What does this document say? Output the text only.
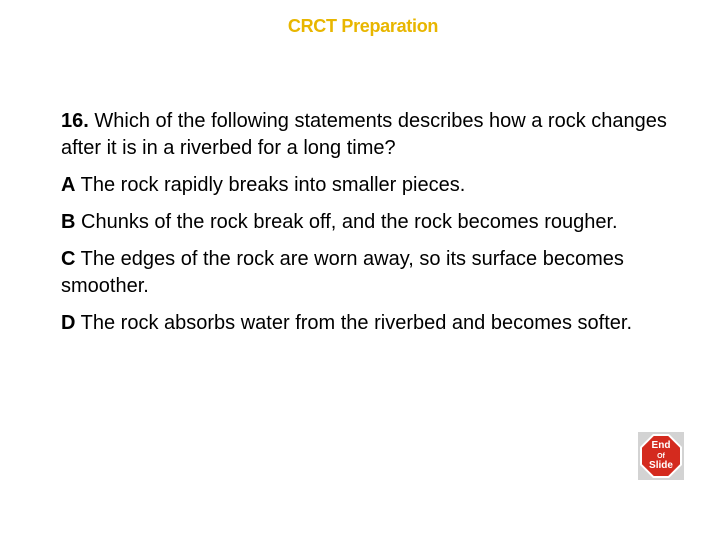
CRCT Preparation

16. Which of the following statements describes how a rock changes after it is in a riverbed for a long time?

A The rock rapidly breaks into smaller pieces.

B Chunks of the rock break off, and the rock becomes rougher.

C The edges of the rock are worn away, so its surface becomes smoother.

D The rock absorbs water from the riverbed and becomes softer.

End
Of
Slide
